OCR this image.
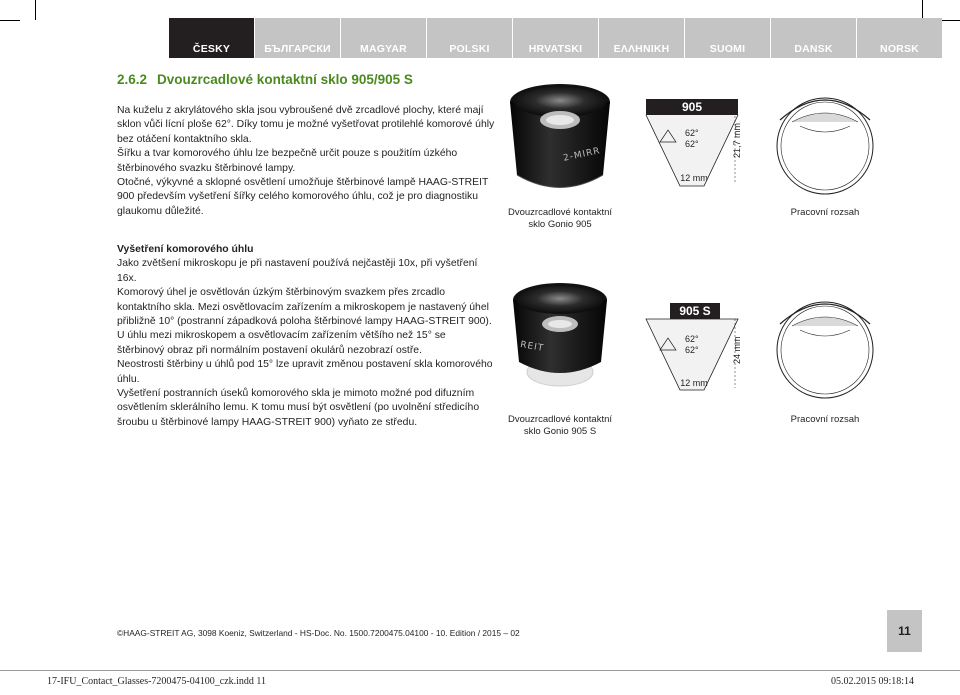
ČESKY	БЪЛГАРСКИ	MAGYAR	POLSKI	HRVATSKI	ΕΛΛΗΝΙΚΗ	SUOMI	DANSK	NORSK
2.6.2 Dvouzrcadlové kontaktní sklo 905/905 S

Na kuželu z akrylátového skla jsou vybroušené dvě zrcadlové plochy, které mají sklon vůči lícní ploše 62°. Díky tomu je možné vyšetřovat protilehlé komorové úhly bez otáčení kontaktního skla.

Šířku a tvar komorového úhlu lze bezpečně určit pouze s použitím úzkého štěrbinového svazku štěrbinové lampy.

Otočné, výkyvné a sklopné osvětlení umožňuje štěrbinové lampě HAAG-STREIT 900 především vyšetření šířky celého komorového úhlu, což je pro diagnostiku glaukomu důležité.

Vyšetření komorového úhlu

Jako zvětšení mikroskopu je při nastavení používá nejčastěji 10x, při vyšetření 16x.

Komorový úhel je osvětlován úzkým štěrbinovým svazkem přes zrcadlo kontaktního skla. Mezi osvětlovacím zařízením a mikroskopem je nastavený úhel přibližně 10° (postranní západková poloha štěrbinové lampy HAAG-STREIT 900). U úhlu mezi mikroskopem a osvětlovacím zařízením většího než 15° se štěrbinový obraz při normálním postavení okulárů nezobrazí ostře.

Neostrosti štěrbiny u úhlů pod 15° lze upravit změnou postavení skla komorového úhlu.

Vyšetření postranních úseků komorového skla je mimoto možné pod difuzním osvětlením sklerálního lemu. K tomu musí být osvětlení (po uvolnění středicího šroubu u štěrbinové lampy HAAG-STREIT 900) vyňato ze středu.

2-MIRR
Dvouzrcadlové kontaktní
sklo Gonio 905
905
62°
62°
12 mm
21,7 mm
Pracovní rozsah
REIT
Dvouzrcadlové kontaktní
sklo Gonio 905 S
905 S
62°
62°
12 mm
24 mm
Pracovní rozsah
©HAAG-STREIT AG, 3098 Koeniz, Switzerland - HS-Doc. No. 1500.7200475.04100 - 10. Edition / 2015 – 02	11
17-IFU_Contact_Glasses-7200475-04100_czk.indd 11	05.02.2015 09:18:14
